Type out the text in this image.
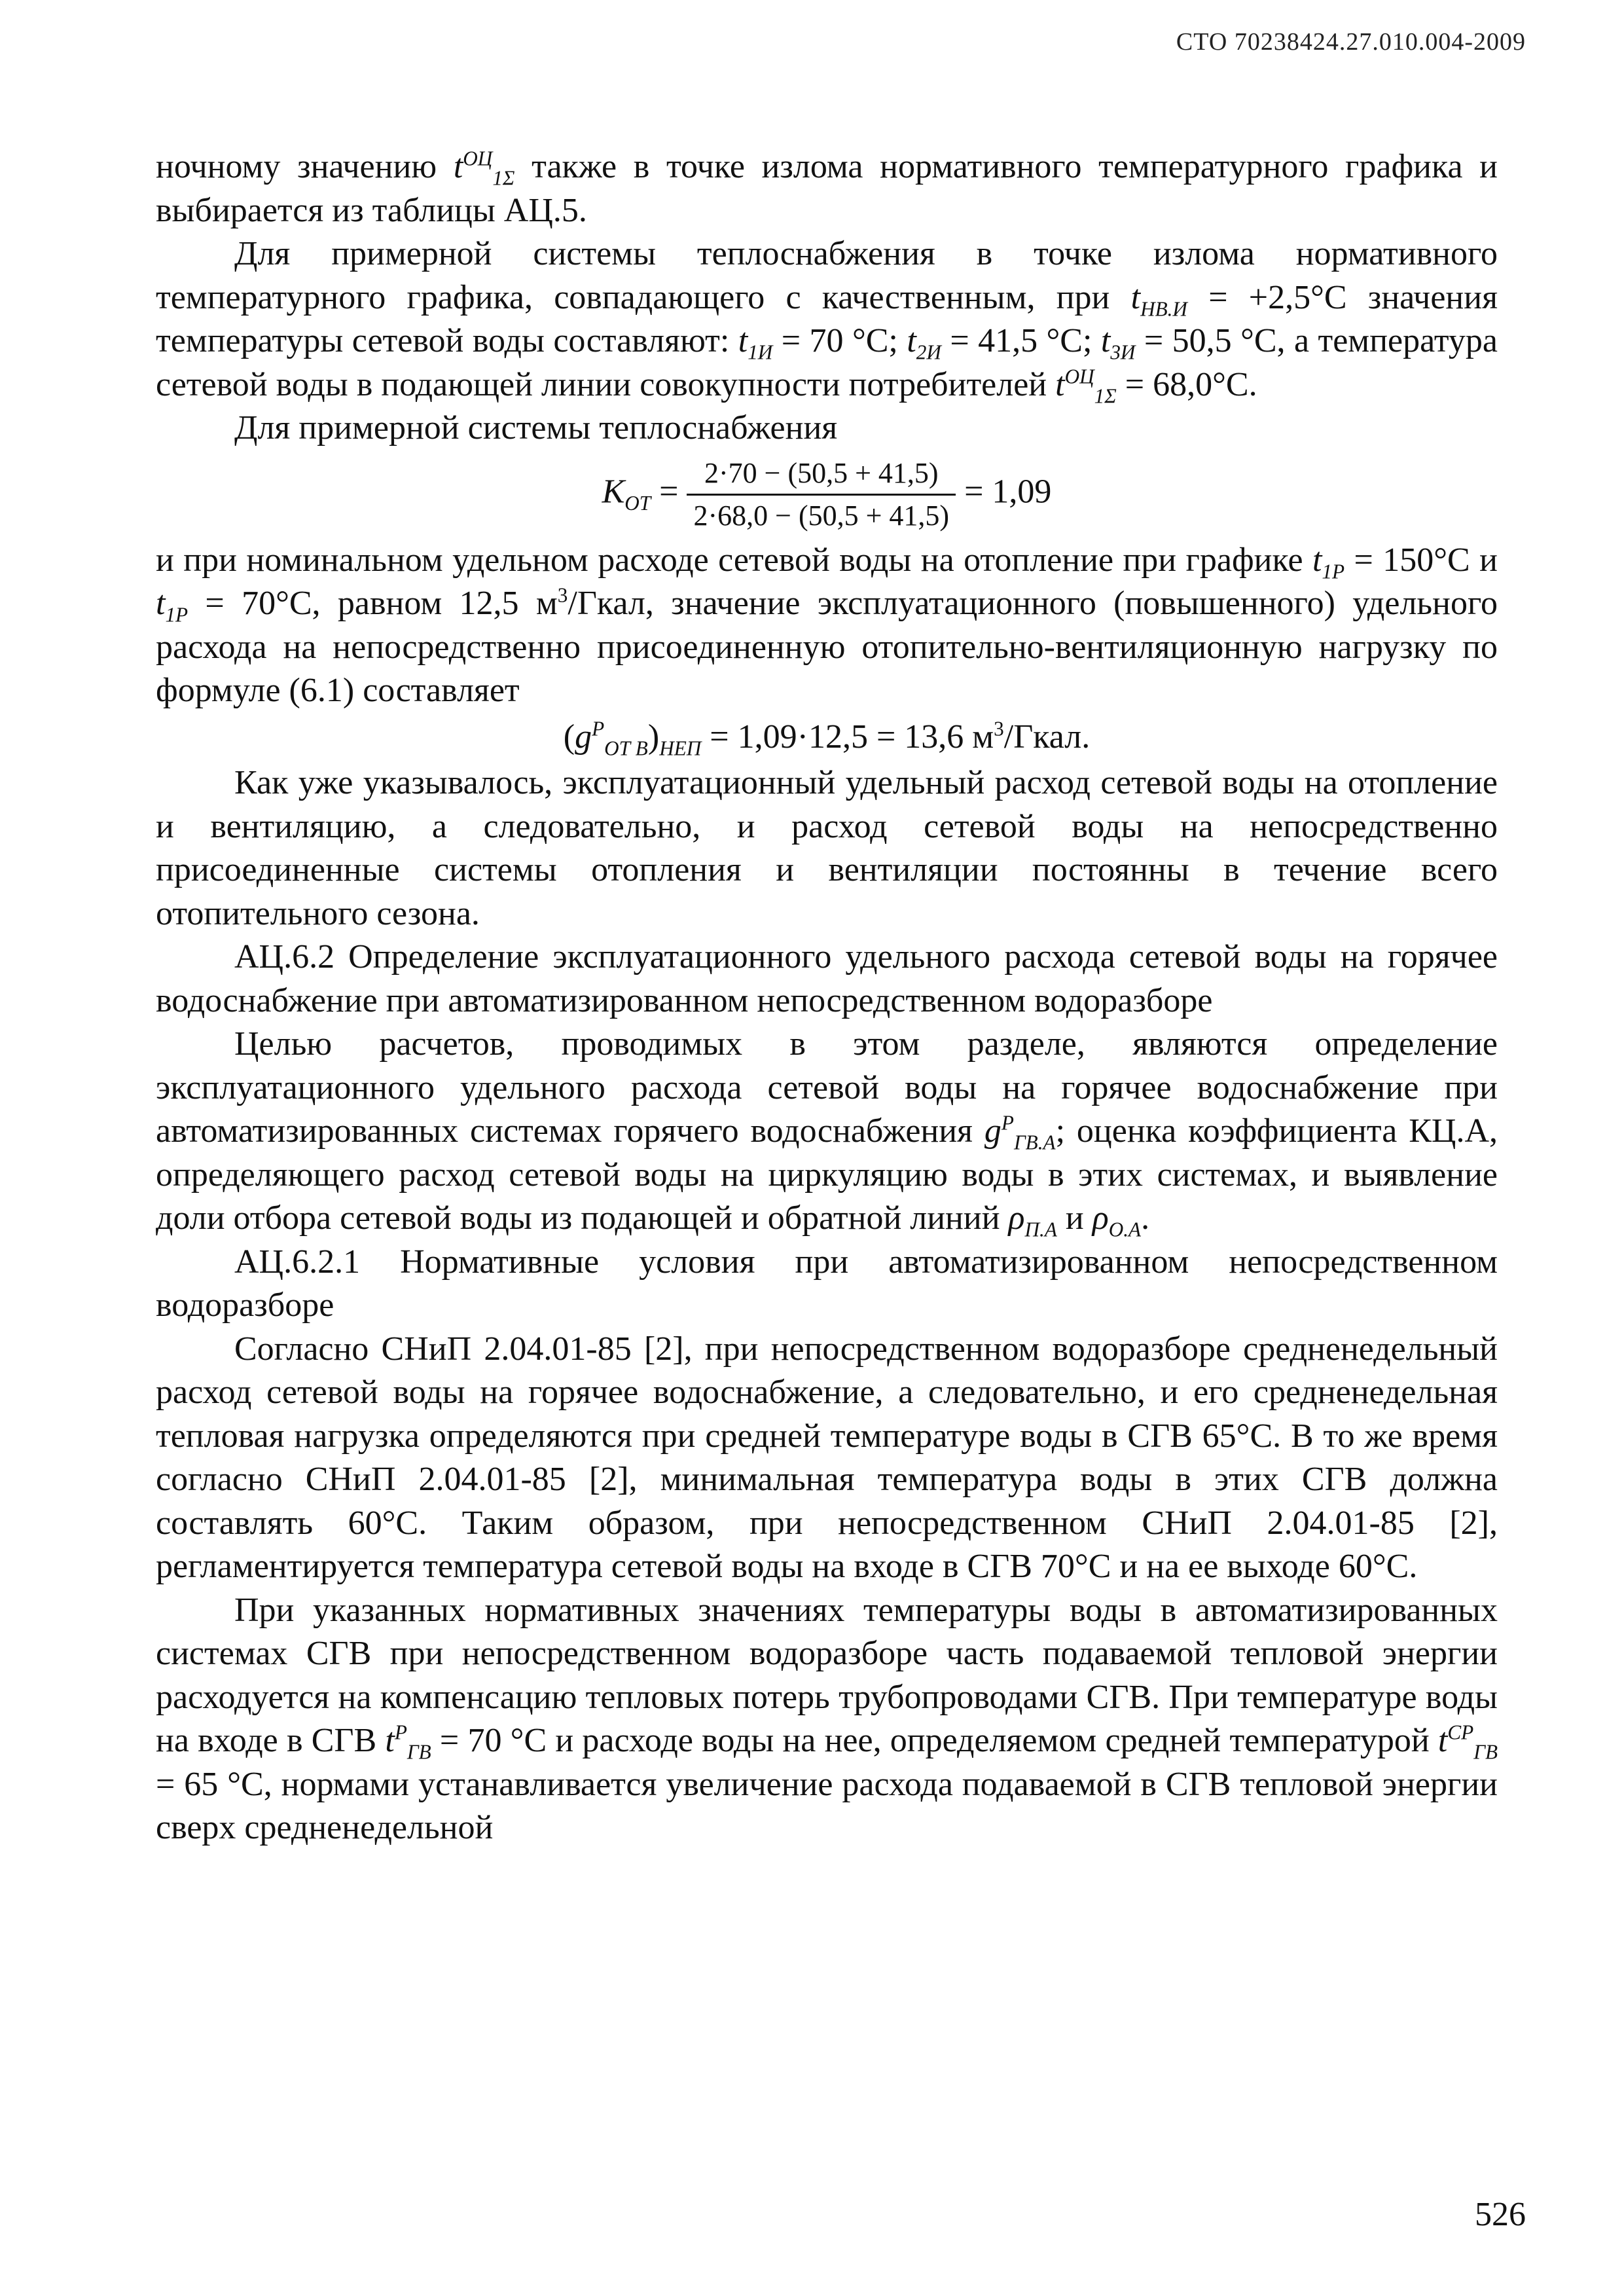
СТО 70238424.27.010.004-2009

ночному значению $t^{ОЦ}_{1\Sigma}$ также в точке излома нормативного температурного графика и выбирается из таблицы АЦ.5.

Для примерной системы теплоснабжения в точке излома нормативного температурного графика, совпадающего с качественным, при $t_{НВ.И} = +2,5^\circ С$ значения температуры сетевой воды составляют: $t_{1И} = 70$ °С; $t_{2И} = 41,5$ °С; $t_{3И} = 50,5$ °С, а температура сетевой воды в подающей линии совокупности потребителей $t^{ОЦ}_{1\Sigma} = 68,0^\circ С$.

Для примерной системы теплоснабжения

$K_{ОТ} = \frac{2\cdot 70 - (50,5 + 41,5)}{2\cdot 68,0 - (50,5 + 41,5)} = 1,09$

и при номинальном удельном расходе сетевой воды на отопление при графике $t_{1Р} = 150^\circ С$ и $t_{1Р} = 70^\circ С$, равном 12,5 $м^3$/Гкал, значение эксплуатационного (повышенного) удельного расхода на непосредственно присоединенную отопительно-вентиляционную нагрузку по формуле (6.1) составляет

$(g^Р_{ОТ В})_{НЕП} = 1,09\cdot 12,5 = 13,6$ $м^3$/Гкал.

Как уже указывалось, эксплуатационный удельный расход сетевой воды на отопление и вентиляцию, а следовательно, и расход сетевой воды на непосредственно присоединенные системы отопления и вентиляции постоянны в течение всего отопительного сезона.

АЦ.6.2 Определение эксплуатационного удельного расхода сетевой воды на горячее водоснабжение при автоматизированном непосредственном водоразборе

Целью расчетов, проводимых в этом разделе, являются определение эксплуатационного удельного расхода сетевой воды на горячее водоснабжение при автоматизированных системах горячего водоснабжения $g^Р_{ГВ.А}$; оценка коэффициента КЦ.А, определяющего расход сетевой воды на циркуляцию воды в этих системах, и выявление доли отбора сетевой воды из подающей и обратной линий $\rho_{П.А}$ и $\rho_{О.А}$.

АЦ.6.2.1 Нормативные условия при автоматизированном непосредственном водоразборе

Согласно СНиП 2.04.01-85 [2], при непосредственном водоразборе средненедельный расход сетевой воды на горячее водоснабжение, а следовательно, и его средненедельная тепловая нагрузка определяются при средней температуре воды в СГВ 65°С. В то же время согласно СНиП 2.04.01-85 [2], минимальная температура воды в этих СГВ должна составлять 60°С. Таким образом, при непосредственном СНиП 2.04.01-85 [2], регламентируется температура сетевой воды на входе в СГВ 70°С и на ее выходе 60°С.

При указанных нормативных значениях температуры воды в автоматизированных системах СГВ при непосредственном водоразборе часть подаваемой тепловой энергии расходуется на компенсацию тепловых потерь трубопроводами СГВ. При температуре воды на входе в СГВ $t^Р_{ГВ} = 70$ °С и расходе воды на нее, определяемом средней температурой $t^{СР}_{ГВ} = 65$ °С, нормами устанавливается увеличение расхода подаваемой в СГВ тепловой энергии сверх средненедельной

526
